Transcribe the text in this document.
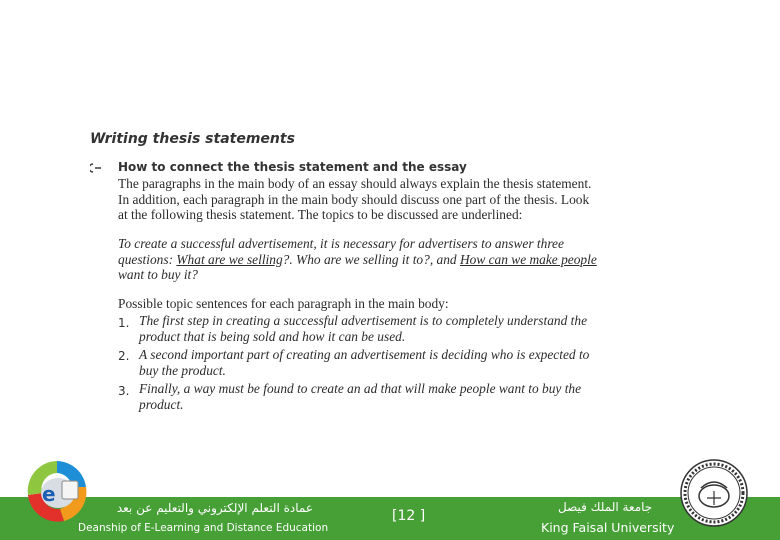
Writing thesis statements
How to connect the thesis statement and the essay
The paragraphs in the main body of an essay should always explain the thesis statement.
In addition, each paragraph in the main body should discuss one part of the thesis. Look
at the following thesis statement. The topics to be discussed are underlined:
To create a successful advertisement, it is necessary for advertisers to answer three
questions: What are we selling?. Who are we selling it to?, and How can we make people
want to buy it?
Possible topic sentences for each paragraph in the main body:
1. The first step in creating a successful advertisement is to completely understand the
product that is being sold and how it can be used.
2. A second important part of creating an advertisement is deciding who is expected to
buy the product.
3. Finally, a way must be found to create an ad that will make people want to buy the
product.
عمادة التعلم الإلكتروني والتعليم عن بعد
Deanship of E-Learning and Distance Education
[12 ]
جامعة الملك فيصل
King Faisal University
e
